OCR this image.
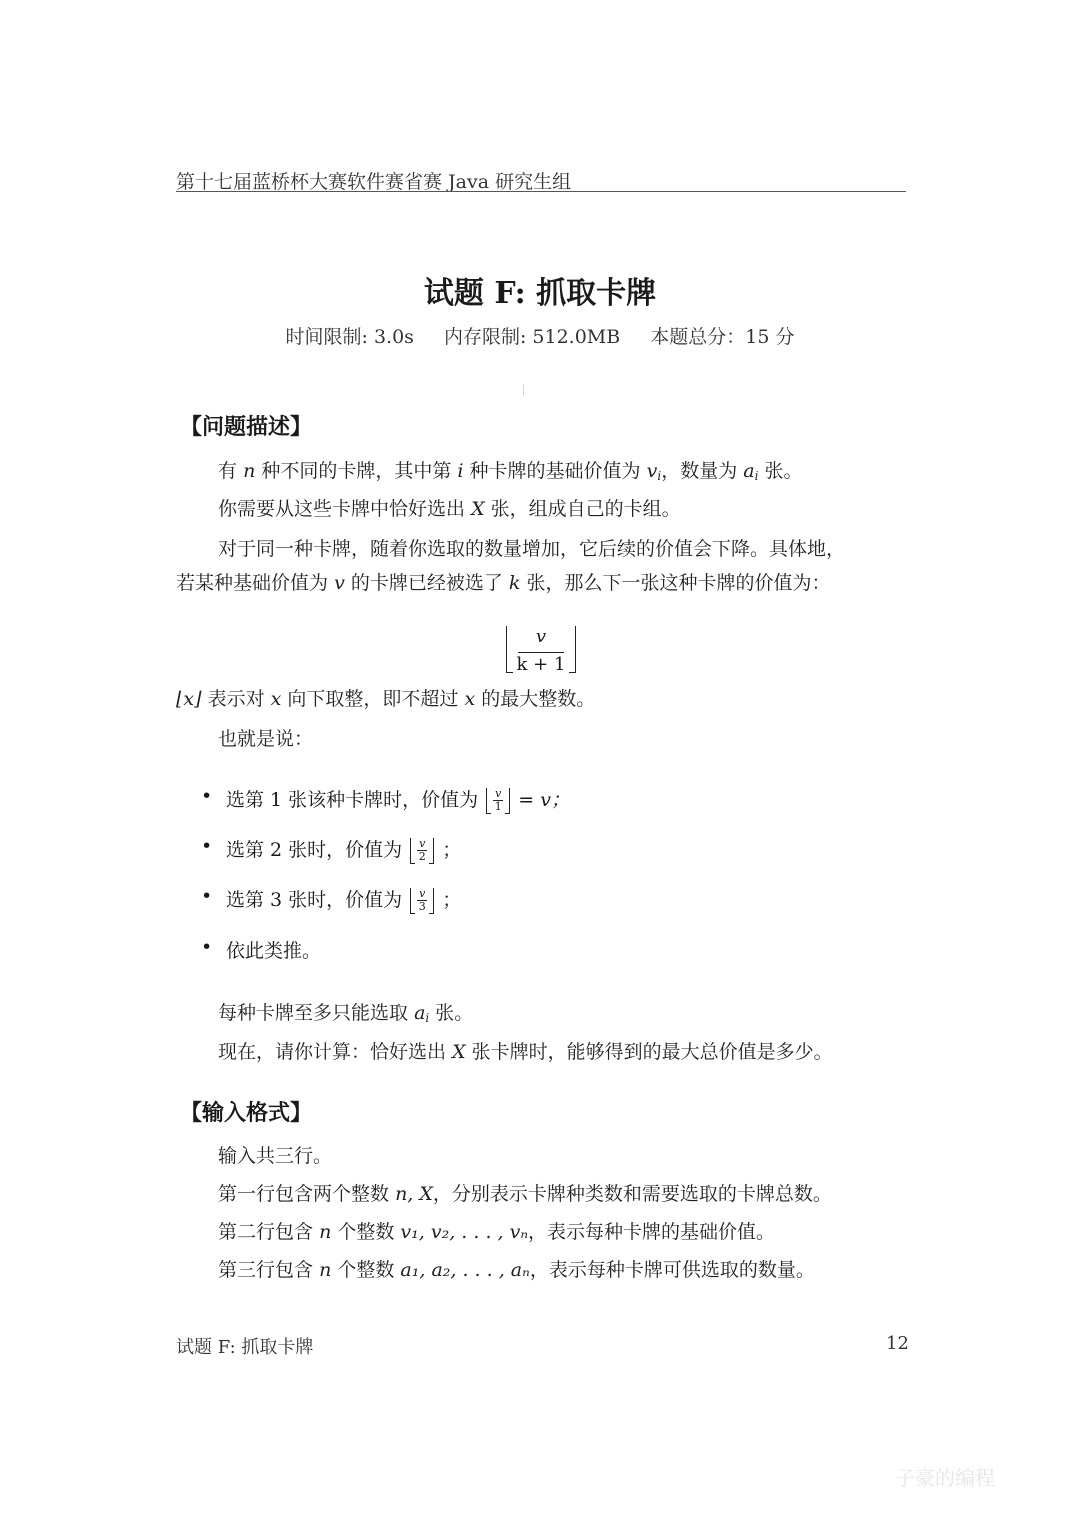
第十七届蓝桥杯大赛软件赛省赛 Java 研究生组
试题 F: 抓取卡牌
时间限制: 3.0s 内存限制: 512.0MB 本题总分：15 分
【问题描述】
有 n 种不同的卡牌，其中第 i 种卡牌的基础价值为 $v_i$，数量为 $a_i$ 张。
你需要从这些卡牌中恰好选出 X 张，组成自己的卡组。
对于同一种卡牌，随着你选取的数量增加，它后续的价值会下降。具体地，
若某种基础价值为 v 的卡牌已经被选了 k 张，那么下一张这种卡牌的价值为：
v
k + 1
⌊x⌋ 表示对 x 向下取整，即不超过 x 的最大整数。
也就是说：
• 选第 1 张该种卡牌时，价值为 $\frac{v}{1} = v$；
• 选第 2 张时，价值为 $\frac{v}{2}$ ；
• 选第 3 张时，价值为 $\frac{v}{3}$ ；
• 依此类推。
每种卡牌至多只能选取 $a_i$ 张。
现在，请你计算：恰好选出 X 张卡牌时，能够得到的最大总价值是多少。
【输入格式】
输入共三行。
第一行包含两个整数 n, X，分别表示卡牌种类数和需要选取的卡牌总数。
第二行包含 n 个整数 v₁, v₂, . . . , vₙ，表示每种卡牌的基础价值。
第三行包含 n 个整数 a₁, a₂, . . . , aₙ，表示每种卡牌可供选取的数量。
试题 F: 抓取卡牌	12
子豪的编程
